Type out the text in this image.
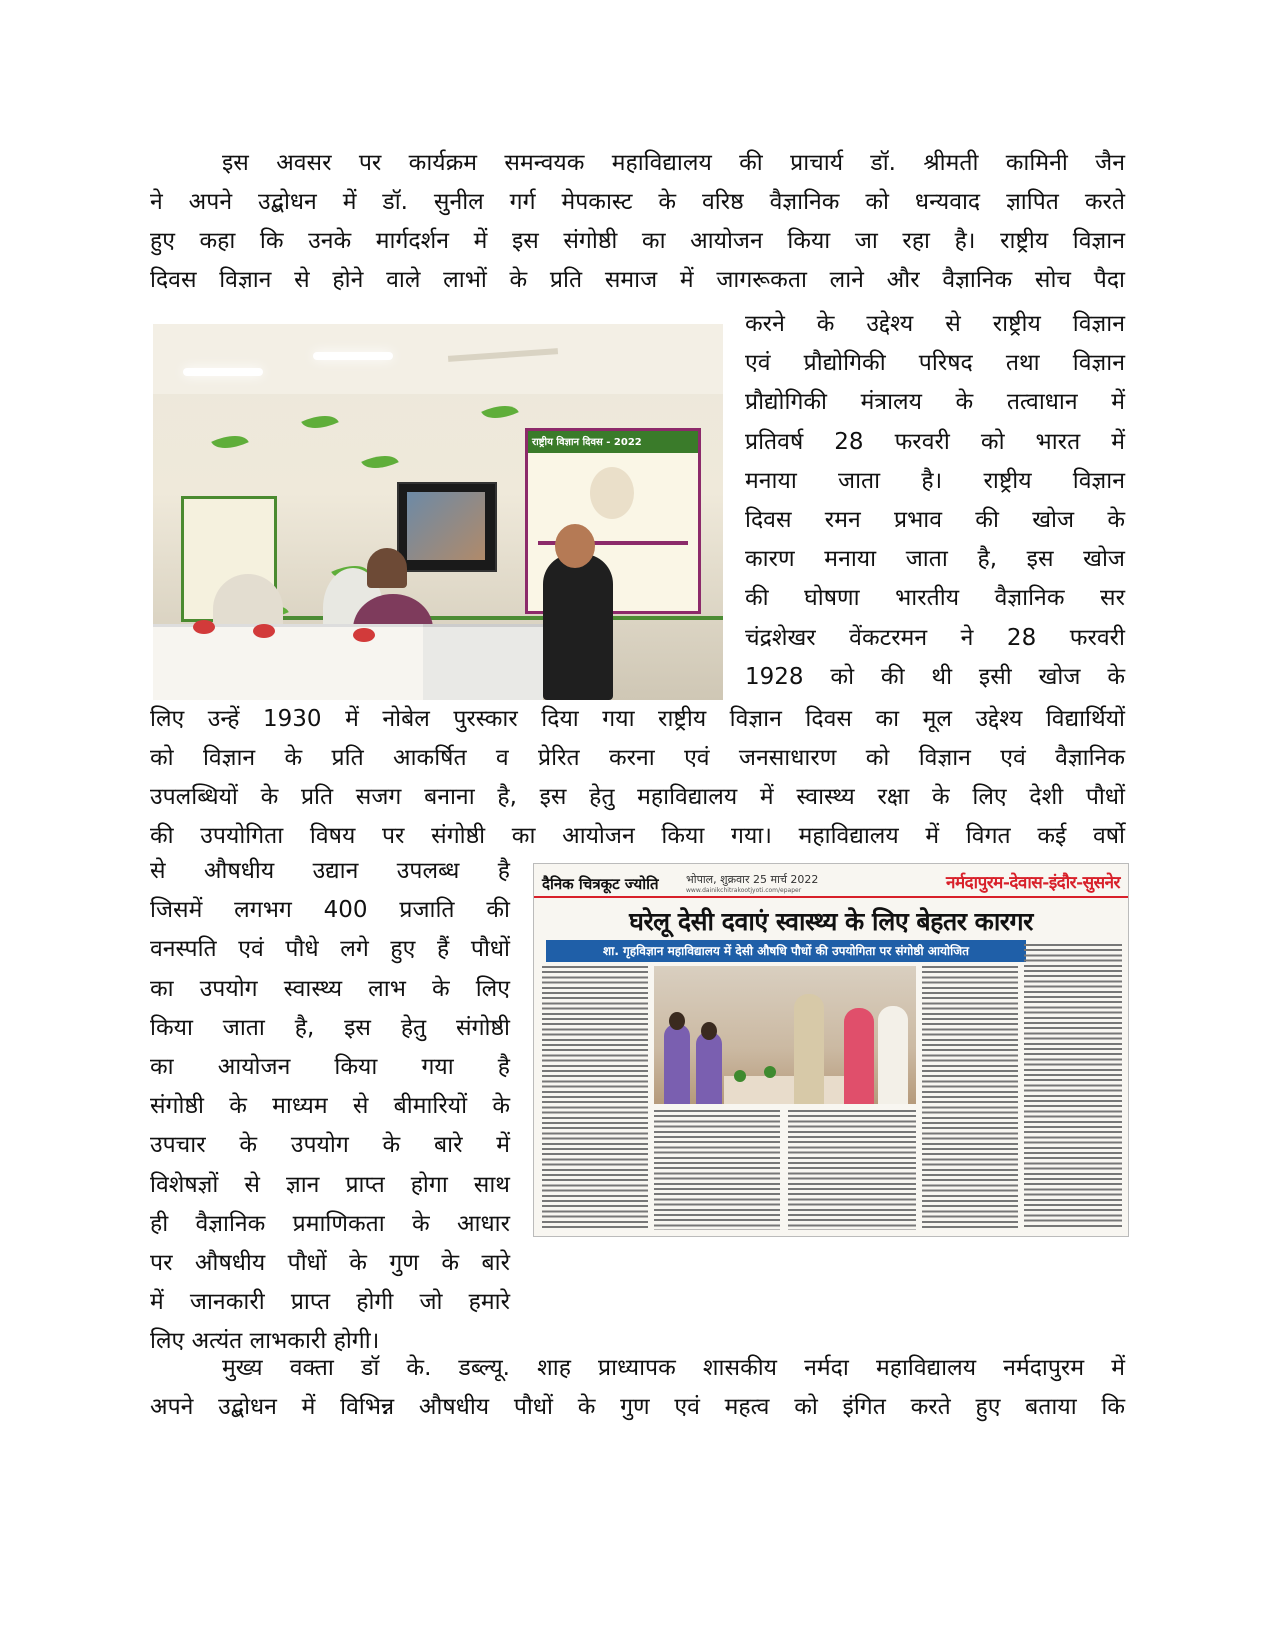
इस अवसर पर कार्यक्रम समन्वयक महाविद्यालय की प्राचार्य डॉ. श्रीमती कामिनी जैन
ने अपने उद्बोधन में डॉ. सुनील गर्ग मेपकास्ट के वरिष्ठ वैज्ञानिक को धन्यवाद ज्ञापित करते
हुए कहा कि उनके मार्गदर्शन में इस संगोष्ठी का आयोजन किया जा रहा है। राष्ट्रीय विज्ञान
दिवस विज्ञान से होने वाले लाभों के प्रति समाज में जागरूकता लाने और वैज्ञानिक सोच पैदा
राष्ट्रीय विज्ञान दिवस - 2022
करने के उद्देश्य से राष्ट्रीय विज्ञान
एवं प्रौद्योगिकी परिषद तथा विज्ञान
प्रौद्योगिकी मंत्रालय के तत्वाधान में
प्रतिवर्ष 28 फरवरी को भारत में
मनाया जाता है। राष्ट्रीय विज्ञान
दिवस रमन प्रभाव की खोज के
कारण मनाया जाता है, इस खोज
की घोषणा भारतीय वैज्ञानिक सर
चंद्रशेखर वेंकटरमन ने 28 फरवरी
1928 को की थी इसी खोज के
लिए उन्हें 1930 में नोबेल पुरस्कार दिया गया राष्ट्रीय विज्ञान दिवस का मूल उद्देश्य विद्यार्थियों
को विज्ञान के प्रति आकर्षित व प्रेरित करना एवं जनसाधारण को विज्ञान एवं वैज्ञानिक
उपलब्धियों के प्रति सजग बनाना है, इस हेतु महाविद्यालय में स्वास्थ्य रक्षा के लिए देशी पौधों
की उपयोगिता विषय पर संगोष्ठी का आयोजन किया गया। महाविद्यालय में विगत कई वर्षो
से औषधीय उद्यान उपलब्ध है
जिसमें लगभग 400 प्रजाति की
वनस्पति एवं पौधे लगे हुए हैं पौधों
का उपयोग स्वास्थ्य लाभ के लिए
किया जाता है, इस हेतु संगोष्ठी
का आयोजन किया गया है
संगोष्ठी के माध्यम से बीमारियों के
उपचार के उपयोग के बारे में
विशेषज्ञों से ज्ञान प्राप्त होगा साथ
ही वैज्ञानिक प्रमाणिकता के आधार
पर औषधीय पौधों के गुण के बारे
में जानकारी प्राप्त होगी जो हमारे
लिए अत्यंत लाभकारी होगी।
दैनिक चित्रकूट ज्योति भोपाल, शुक्रवार 25 मार्च 2022
www.dainikchitrakootjyoti.com/epaper	नर्मदापुरम-देवास-इंदौर-सुसनेर
घरेलू देसी दवाएं स्वास्थ्य के लिए बेहतर कारगर
शा. गृहविज्ञान महाविद्यालय में देसी औषधि पौधों की उपयोगिता पर संगोष्ठी आयोजित
मुख्य वक्ता डॉ के. डब्ल्यू. शाह प्राध्यापक शासकीय नर्मदा महाविद्यालय नर्मदापुरम में
अपने उद्बोधन में विभिन्न औषधीय पौधों के गुण एवं महत्व को इंगित करते हुए बताया कि
